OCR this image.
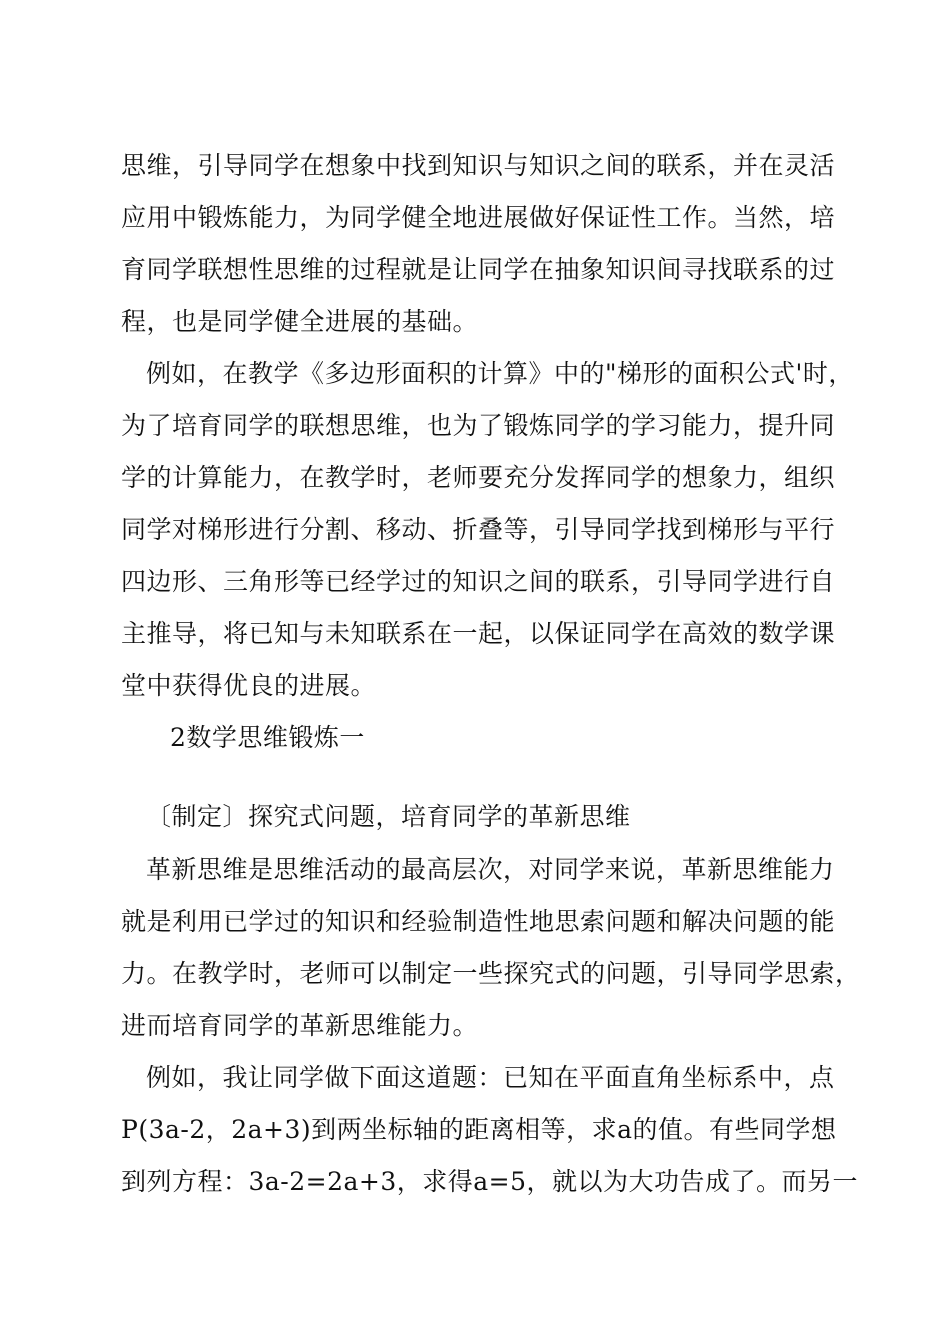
思维，引导同学在想象中找到知识与知识之间的联系，并在灵活
应用中锻炼能力，为同学健全地进展做好保证性工作。当然，培
育同学联想性思维的过程就是让同学在抽象知识间寻找联系的过
程，也是同学健全进展的基础。
例如，在教学《多边形面积的计算》中的"梯形的面积公式'时，
为了培育同学的联想思维，也为了锻炼同学的学习能力，提升同
学的计算能力，在教学时，老师要充分发挥同学的想象力，组织
同学对梯形进行分割、移动、折叠等，引导同学找到梯形与平行
四边形、三角形等已经学过的知识之间的联系，引导同学进行自
主推导，将已知与未知联系在一起，以保证同学在高效的数学课
堂中获得优良的进展。
2数学思维锻炼一
〔制定〕探究式问题，培育同学的革新思维
革新思维是思维活动的最高层次，对同学来说，革新思维能力
就是利用已学过的知识和经验制造性地思索问题和解决问题的能
力。在教学时，老师可以制定一些探究式的问题，引导同学思索，
进而培育同学的革新思维能力。
例如，我让同学做下面这道题：已知在平面直角坐标系中，点
P(3a-2，2a+3)到两坐标轴的距离相等，求a的值。有些同学想
到列方程：3a-2=2a+3，求得a=5，就以为大功告成了。而另一
